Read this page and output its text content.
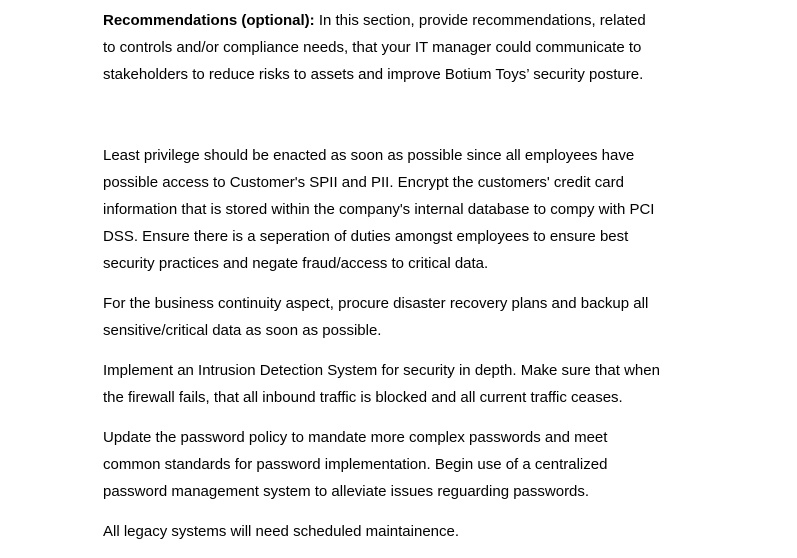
Recommendations (optional): In this section, provide recommendations, related
to controls and/or compliance needs, that your IT manager could communicate to
stakeholders to reduce risks to assets and improve Botium Toys’ security posture.

Least privilege should be enacted as soon as possible since all employees have
possible access to Customer's SPII and PII. Encrypt the customers' credit card
information that is stored within the company's internal database to compy with PCI
DSS. Ensure there is a seperation of duties amongst employees to ensure best
security practices and negate fraud/access to critical data.

For the business continuity aspect, procure disaster recovery plans and backup all
sensitive/critical data as soon as possible.

Implement an Intrusion Detection System for security in depth. Make sure that when
the firewall fails, that all inbound traffic is blocked and all current traffic ceases.

Update the password policy to mandate more complex passwords and meet
common standards for password implementation. Begin use of a centralized
password management system to alleviate issues reguarding passwords.

All legacy systems will need scheduled maintainence.
